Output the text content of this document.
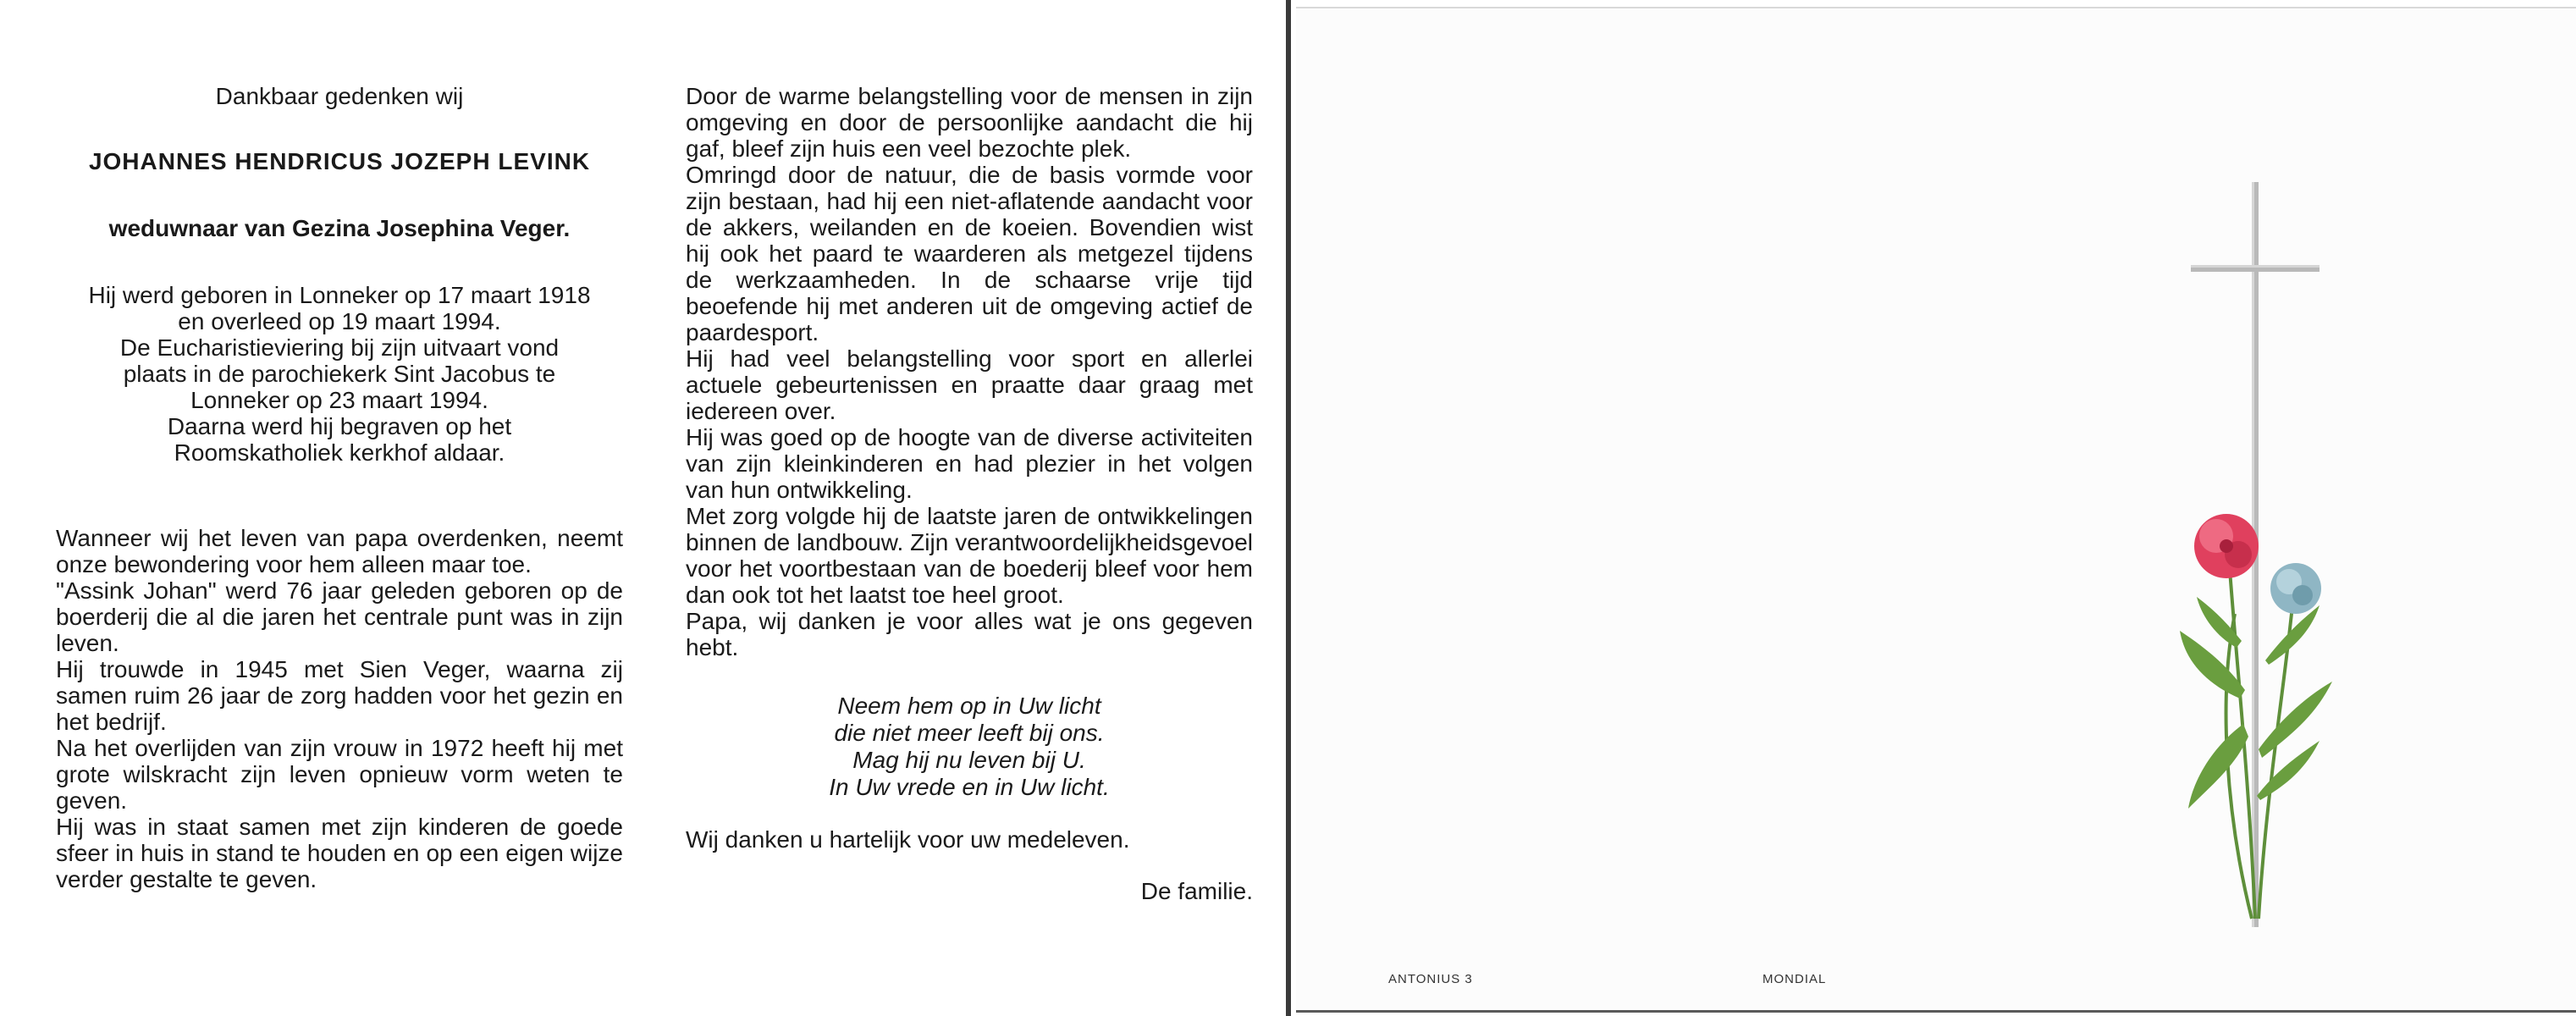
Dankbaar gedenken wij
JOHANNES HENDRICUS JOZEPH LEVINK
weduwnaar van Gezina Josephina Veger.
Hij werd geboren in Lonneker op 17 maart 1918
en overleed op 19 maart 1994.
De Eucharistieviering bij zijn uitvaart vond
plaats in de parochiekerk Sint Jacobus te
Lonneker op 23 maart 1994.
Daarna werd hij begraven op het
Roomskatholiek kerkhof aldaar.

Wanneer wij het leven van papa overdenken, neemt onze bewondering voor hem alleen maar toe.

"Assink Johan" werd 76 jaar geleden geboren op de boerderij die al die jaren het centrale punt was in zijn leven.

Hij trouwde in 1945 met Sien Veger, waarna zij samen ruim 26 jaar de zorg hadden voor het gezin en het bedrijf.

Na het overlijden van zijn vrouw in 1972 heeft hij met grote wilskracht zijn leven opnieuw vorm weten te geven.

Hij was in staat samen met zijn kinderen de goede sfeer in huis in stand te houden en op een eigen wijze verder gestalte te geven.

Door de warme belangstelling voor de mensen in zijn omgeving en door de persoonlijke aandacht die hij gaf, bleef zijn huis een veel bezochte plek.

Omringd door de natuur, die de basis vormde voor zijn bestaan, had hij een niet-aflatende aandacht voor de akkers, weilanden en de koeien. Bovendien wist hij ook het paard te waarderen als metgezel tijdens de werkzaamheden. In de schaarse vrije tijd beoefende hij met anderen uit de omgeving actief de paardesport.

Hij had veel belangstelling voor sport en allerlei actuele gebeurtenissen en praatte daar graag met iedereen over.

Hij was goed op de hoogte van de diverse activiteiten van zijn kleinkinderen en had plezier in het volgen van hun ontwikkeling.

Met zorg volgde hij de laatste jaren de ontwikkelingen binnen de landbouw. Zijn verantwoordelijkheidsgevoel voor het voortbestaan van de boederij bleef voor hem dan ook tot het laatst toe heel groot.

Papa, wij danken je voor alles wat je ons gegeven hebt.

Neem hem op in Uw licht
die niet meer leeft bij ons.
Mag hij nu leven bij U.
In Uw vrede en in Uw licht.
Wij danken u hartelijk voor uw medeleven.
De familie.
ANTONIUS 3	MONDIAL
